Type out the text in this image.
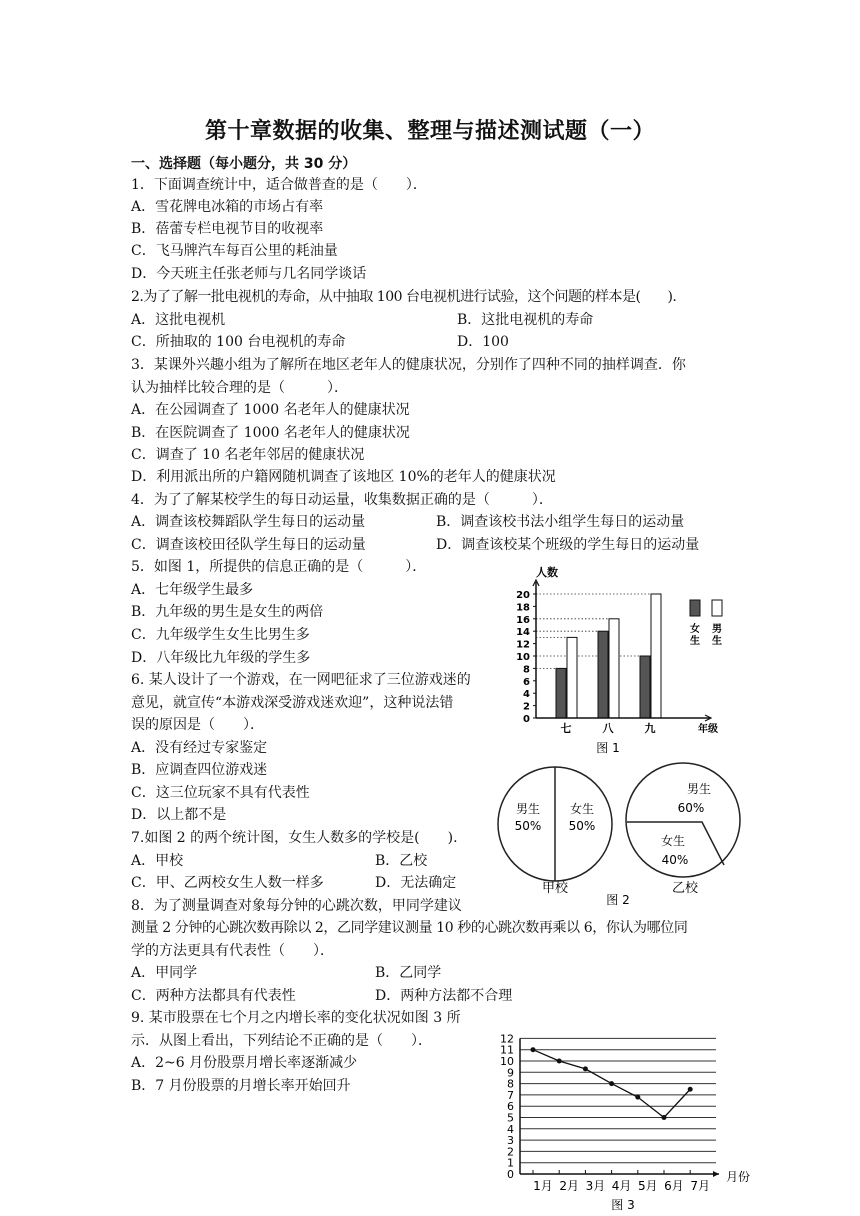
第十章数据的收集、整理与描述测试题（一）
一、选择题（每小题分，共 30 分）
1．下面调查统计中，适合做普查的是（　　）．
A．雪花牌电冰箱的市场占有率
B．蓓蕾专栏电视节目的收视率
C．飞马牌汽车每百公里的耗油量
D．今天班主任张老师与几名同学谈话
2.为了了解一批电视机的寿命，从中抽取 100 台电视机进行试验，这个问题的样本是(　　).
A．这批电视机	B．这批电视机的寿命
C．所抽取的 100 台电视机的寿命	D．100
3．某课外兴趣小组为了解所在地区老年人的健康状况，分别作了四种不同的抽样调查．你
认为抽样比较合理的是（　　　）．
A．在公园调查了 1000 名老年人的健康状况
B．在医院调查了 1000 名老年人的健康状况
C．调查了 10 名老年邻居的健康状况
D．利用派出所的户籍网随机调查了该地区 10%的老年人的健康状况
4．为了了解某校学生的每日动运量，收集数据正确的是（　　　）．
A．调查该校舞蹈队学生每日的运动量	B．调查该校书法小组学生每日的运动量
C．调查该校田径队学生每日的运动量	D．调查该校某个班级的学生每日的运动量
5．如图 1，所提供的信息正确的是（　　　）．
A．七年级学生最多
B．九年级的男生是女生的两倍
C．九年级学生女生比男生多
D．八年级比九年级的学生多
6. 某人设计了一个游戏，在一网吧征求了三位游戏迷的
意见，就宣传“本游戏深受游戏迷欢迎”，这种说法错
误的原因是（　　）．
A．没有经过专家鉴定
B．应调查四位游戏迷
C．这三位玩家不具有代表性
D．以上都不是
7.如图 2 的两个统计图，女生人数多的学校是(　　).
A．甲校	B．乙校
C．甲、乙两校女生人数一样多	D．无法确定
8．为了测量调查对象每分钟的心跳次数，甲同学建议
测量 2 分钟的心跳次数再除以 2，乙同学建议测量 10 秒的心跳次数再乘以 6，你认为哪位同
学的方法更具有代表性（　　）．
A．甲同学	B．乙同学
C．两种方法都具有代表性	D．两种方法都不合理
9. 某市股票在七个月之内增长率的变化状况如图 3 所
示．从图上看出，下列结论不正确的是（　　）．
A．2~6 月份股票月增长率逐渐减少
B．7 月份股票的月增长率开始回升
0
2
4
6
8
10
12
14
16
18
20
七	八	九
人数
年级
女生
男生
图 1
男生
50%
女生
50%
甲校
男生
60%
女生
40%
乙校
图 2
0
1
2
3
4
5
6
7
8
9
10
11
12
1月 2月 3月 4月 5月 6月 7月
月份
图 3
